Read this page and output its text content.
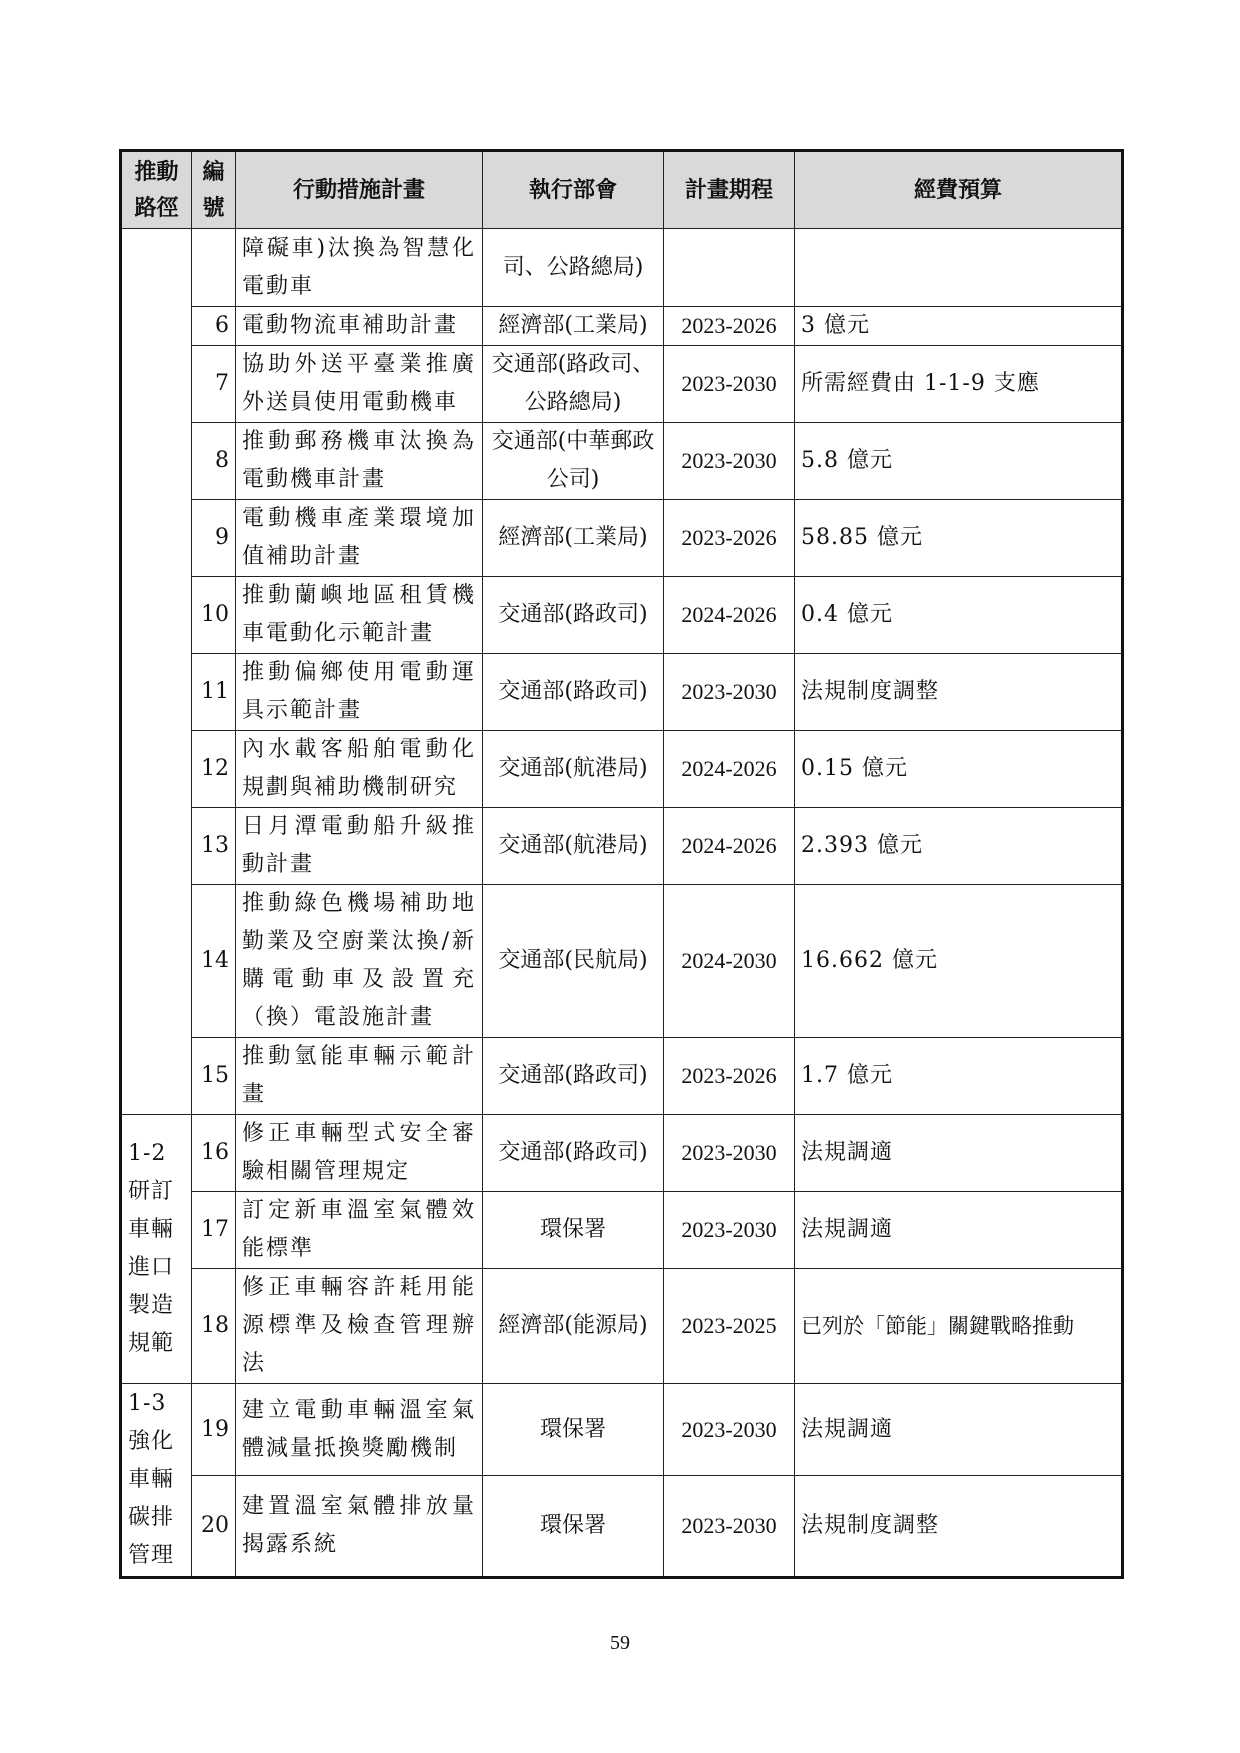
推動路徑	編號	行動措施計畫	執行部會	計畫期程	經費預算
		障礙車)汰換為智慧化電動車	司、公路總局)		
	6	電動物流車補助計畫	經濟部(工業局)	2023-2026	3 億元
	7	協助外送平臺業推廣外送員使用電動機車	交通部(路政司、公路總局)	2023-2030	所需經費由 1-1-9 支應
	8	推動郵務機車汰換為電動機車計畫	交通部(中華郵政公司)	2023-2030	5.8 億元
	9	電動機車產業環境加值補助計畫	經濟部(工業局)	2023-2026	58.85 億元
	10	推動蘭嶼地區租賃機車電動化示範計畫	交通部(路政司)	2024-2026	0.4 億元
	11	推動偏鄉使用電動運具示範計畫	交通部(路政司)	2023-2030	法規制度調整
	12	內水載客船舶電動化規劃與補助機制研究	交通部(航港局)	2024-2026	0.15 億元
	13	日月潭電動船升級推動計畫	交通部(航港局)	2024-2026	2.393 億元
	14	推動綠色機場補助地勤業及空廚業汰換/新購電動車及設置充（換）電設施計畫	交通部(民航局)	2024-2030	16.662 億元
	15	推動氫能車輛示範計畫	交通部(路政司)	2023-2026	1.7 億元
1-2 研訂車輛進口製造規範	16	修正車輛型式安全審驗相關管理規定	交通部(路政司)	2023-2030	法規調適
	17	訂定新車溫室氣體效能標準	環保署	2023-2030	法規調適
	18	修正車輛容許耗用能源標準及檢查管理辦法	經濟部(能源局)	2023-2025	已列於「節能」關鍵戰略推動
1-3 強化車輛碳排管理	19	建立電動車輛溫室氣體減量抵換獎勵機制	環保署	2023-2030	法規調適
	20	建置溫室氣體排放量揭露系統	環保署	2023-2030	法規制度調整
59
